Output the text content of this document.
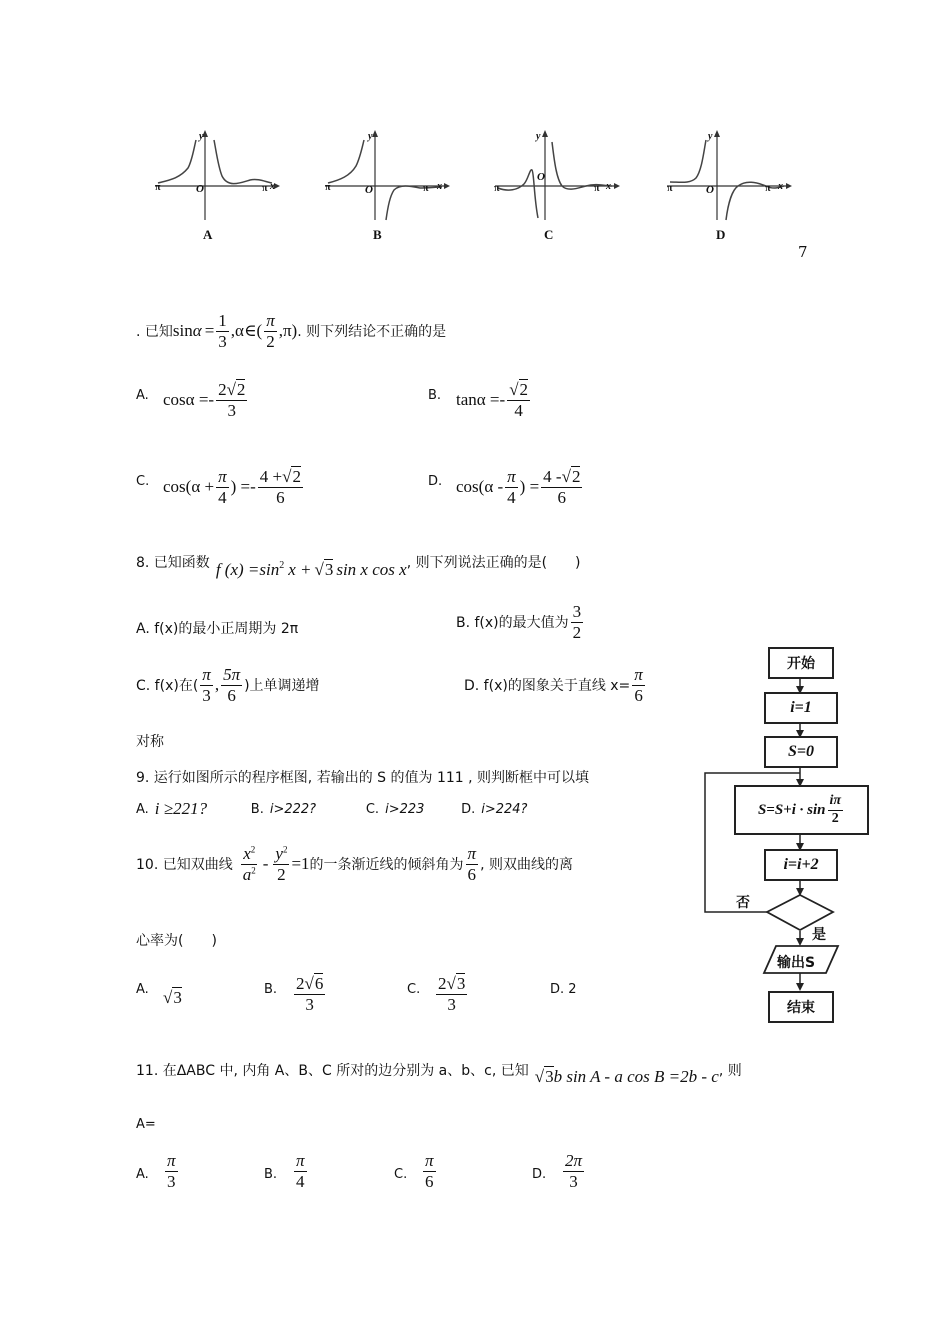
π	O
y
π x
A
π	O
y
π x
B
π
O
y
π x
C
π	O
y
π x
D
7
. 已知 $\sin \alpha = \frac{1}{3}$ ,α∈( $\frac{\pi}{2} ,\pi$) . 则下列结论不正确的是
A. $\cos\alpha =- \frac{2√2}{3}$	B. $\tan\alpha =- \frac{√2}{4}$
C. $\cos(\alpha + \frac{\pi}{4}$ ) =- $\frac{4 +√2}{6}$	D. $\cos(\alpha - \frac{\pi}{4}$ ) = $\frac{4 -√2}{6}$
8. 已知函数 f $(x) =\sin^2$ x + √3 sin x cos x , 则下列说法正确的是(　　)
A. f(x)的最小正周期为 2π	B. f(x)的最大值为 $\frac{3}{2}$
C. f(x)在( $\frac{\pi}{3}$ , $\frac{5\pi}{6}$ )上单调递增	D. f(x)的图象关于直线 $x= \frac{\pi}{6}$
对称
9. 运行如图所示的程序框图, 若输出的 S 的值为 111 , 则判断框中可以填
A. i ≥221?	B. i>222?	C. i>223	D. i>224?
开始
i=1
S=0
$S=S+i \cdot \sin \frac{i\pi}{2}$
i=i+2
否
是
输出S
结束
10. 已知双曲线 $\frac{x^2}{a^2} - \frac{y^2}{2} =1$ 的一条渐近线的倾斜角为 $\frac{\pi}{6}$ , 则双曲线的离
心率为(　　)
A. √3	B. $\frac{2√6}{3}$	C. $\frac{2√3}{3}$	D. 2
11. 在ΔABC 中, 内角 A、B、C 所对的边分别为 a、b、c, 已知 √3 b sin A - a cos B =2b - c , 则
A=
A. $\frac{\pi}{3}$	B. $\frac{\pi}{4}$	C. $\frac{\pi}{6}$	D. $\frac{2\pi}{3}$
